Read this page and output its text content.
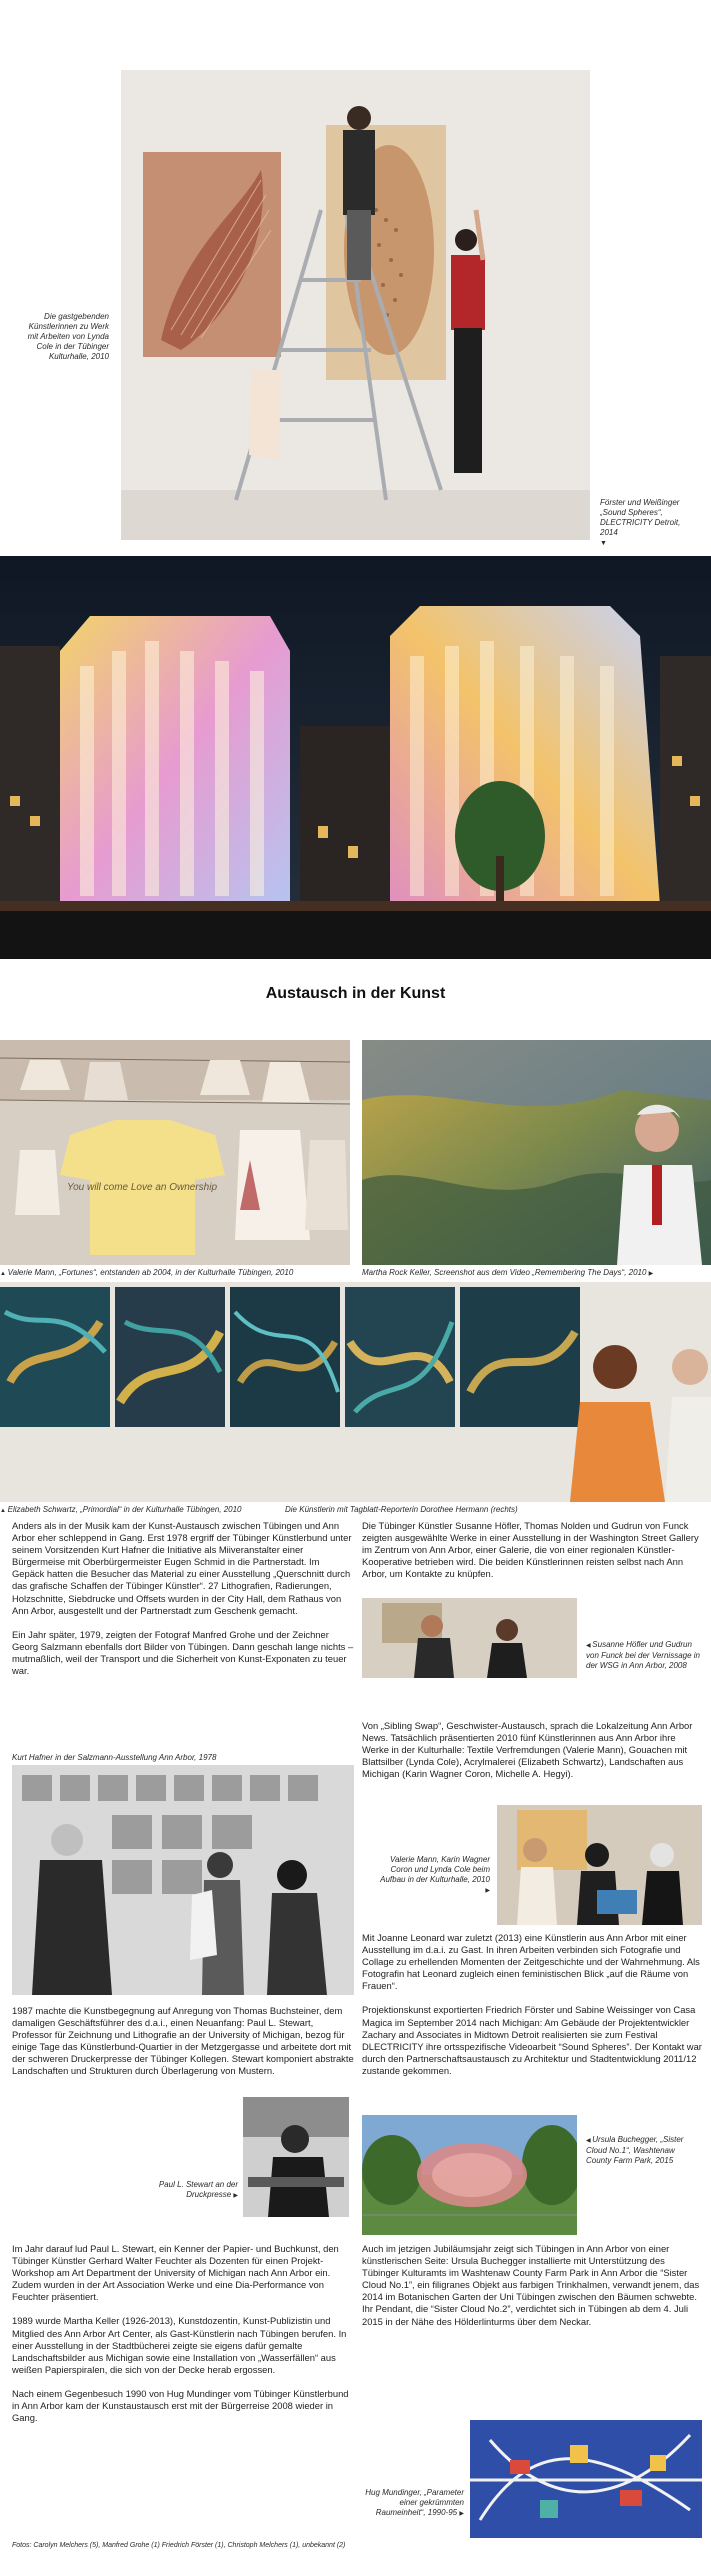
Die gastgebenden Künstlerinnen zu Werk mit Arbeiten von Lynda Cole in der Tübinger Kulturhalle, 2010
Förster und Weißinger „Sound Spheres“, DLECTRICITY Detroit, 2014
▼
Austausch in der Kunst
You will come Love an Ownership
▲ Valerie Mann, „Fortunes“, entstanden ab 2004, in der Kulturhalle Tübingen, 2010	Martha Rock Keller, Screenshot aus dem Video „Remembering The Days“, 2010 ▶
▲ Elizabeth Schwartz, „Primordial“ in der Kulturhalle Tübingen, 2010	Die Künstlerin mit Tagblatt-Reporterin Dorothee Hermann (rechts)

Anders als in der Musik kam der Kunst-Austausch zwischen Tübingen und Ann Arbor eher schleppend in Gang. Erst 1978 ergriff der Tübinger Künstlerbund unter seinem Vorsitzenden Kurt Hafner die Initiative als Miiveranstalter einer Bürgermeise mit Oberbürgermeister Eugen Schmid in die Partnerstadt. Im Gepäck hatten die Besucher das Material zu einer Ausstellung „Querschnitt durch das grafische Schaffen der Tübinger Künstler“. 27 Lithografien, Radierungen, Holzschnitte, Siebdrucke und Offsets wurden in der City Hall, dem Rathaus von Ann Arbor, ausgestellt und der Partnerstadt zum Geschenk gemacht.

Ein Jahr später, 1979, zeigten der Fotograf Manfred Grohe und der Zeichner Georg Salzmann ebenfalls dort Bilder von Tübingen. Dann geschah lange nichts – mutmaßlich, weil der Transport und die Sicherheit von Kunst-Exponaten zu teuer war.

Kurt Hafner in der Salzmann-Ausstellung Ann Arbor, 1978

1987 machte die Kunstbegegnung auf Anregung von Thomas Buchsteiner, dem damaligen Geschäftsführer des d.a.i., einen Neuanfang: Paul L. Stewart, Professor für Zeichnung und Lithografie an der University of Michigan, bezog für einige Tage das Künstlerbund-Quartier in der Metzgergasse und arbeitete dort mit der schweren Druckerpresse der Tübinger Kollegen. Stewart komponiert abstrakte Landschaften und Strukturen durch Überlagerung von Mustern.

Paul L. Stewart an der Druckpresse ▶

Im Jahr darauf lud Paul L. Stewart, ein Kenner der Papier- und Buchkunst, den Tübinger Künstler Gerhard Walter Feuchter als Dozenten für einen Projekt-Workshop am Art Department der University of Michigan nach Ann Arbor ein. Zudem wurden in der Art Association Werke und eine Dia-Performance von Feuchter präsentiert.

1989 wurde Martha Keller (1926-2013), Kunstdozentin, Kunst-Publizistin und Mitglied des Ann Arbor Art Center, als Gast-Künstlerin nach Tübingen berufen. In einer Ausstellung in der Stadtbücherei zeigte sie eigens dafür gemalte Landschaftsbilder aus Michigan sowie eine Installation von „Wasserfällen“ aus weißen Papierspiralen, die sich von der Decke herab ergossen.

Nach einem Gegenbesuch 1990 von Hug Mundinger vom Tübinger Künstlerbund in Ann Arbor kam der Kunstaustausch erst mit der Bürgerreise 2008 wieder in Gang.

Fotos: Carolyn Melchers (5), Manfred Grohe (1) Friedrich Förster (1), Christoph Melchers (1), unbekannt (2)

Die Tübinger Künstler Susanne Höfler, Thomas Nolden und Gudrun von Funck zeigten ausgewählte Werke in einer Ausstellung in der Washington Street Gallery im Zentrum von Ann Arbor, einer Galerie, die von einer regionalen Künstler-Kooperative betrieben wird. Die beiden Künstlerinnen reisten selbst nach Ann Arbor, um Kontakte zu knüpfen.

◀ Susanne Höfler und Gudrun von Funck bei der Vernissage in der WSG in Ann Arbor, 2008

Von „Sibling Swap“, Geschwister-Austausch, sprach die Lokalzeitung Ann Arbor News. Tatsächlich präsentierten 2010 fünf Künstlerinnen aus Ann Arbor ihre Werke in der Kulturhalle: Textile Verfremdungen (Valerie Mann), Gouachen mit Blattsilber (Lynda Cole), Acrylmalerei (Elizabeth Schwartz), Landschaften aus Michigan (Karin Wagner Coron, Michelle A. Hegyi).

Valerie Mann, Karin Wagner Coron und Lynda Cole beim Aufbau in der Kulturhalle, 2010 ▶

Mit Joanne Leonard war zuletzt (2013) eine Künstlerin aus Ann Arbor mit einer Ausstellung im d.a.i. zu Gast. In ihren Arbeiten verbinden sich Fotografie und Collage zu erhellenden Momenten der Zeitgeschichte und der Wahrnehmung. Als Fotografin hat Leonard zugleich einen feministischen Blick „auf die Räume von Frauen“.

Projektionskunst exportierten Friedrich Förster und Sabine Weissinger von Casa Magica im September 2014 nach Michigan: Am Gebäude der Projektentwickler Zachary and Associates in Midtown Detroit realisierten sie zum Festival DLECTRICITY ihre ortsspezifische Videoarbeit “Sound Spheres”. Der Kontakt war durch den Partnerschaftsaustausch zu Architektur und Stadtentwicklung 2011/12 zustande gekommen.

◀ Ursula Buchegger, „Sister Cloud No.1“, Washtenaw County Farm Park, 2015

Auch im jetzigen Jubiläumsjahr zeigt sich Tübingen in Ann Arbor von einer künstlerischen Seite: Ursula Buchegger installierte mit Unterstützung des Tübinger Kulturamts im Washtenaw County Farm Park in Ann Arbor die “Sister Cloud No.1”, ein filigranes Objekt aus farbigen Trinkhalmen, verwandt jenem, das 2014 im Botanischen Garten der Uni Tübingen zwischen den Bäumen schwebte. Ihr Pendant, die “Sister Cloud No.2”, verdichtet sich in Tübingen ab dem 4. Juli 2015 in der Nähe des Hölderlinturms über dem Neckar.

Hug Mundinger, „Parameter einer gekrümmten Raumeinheit“, 1990-95 ▶
